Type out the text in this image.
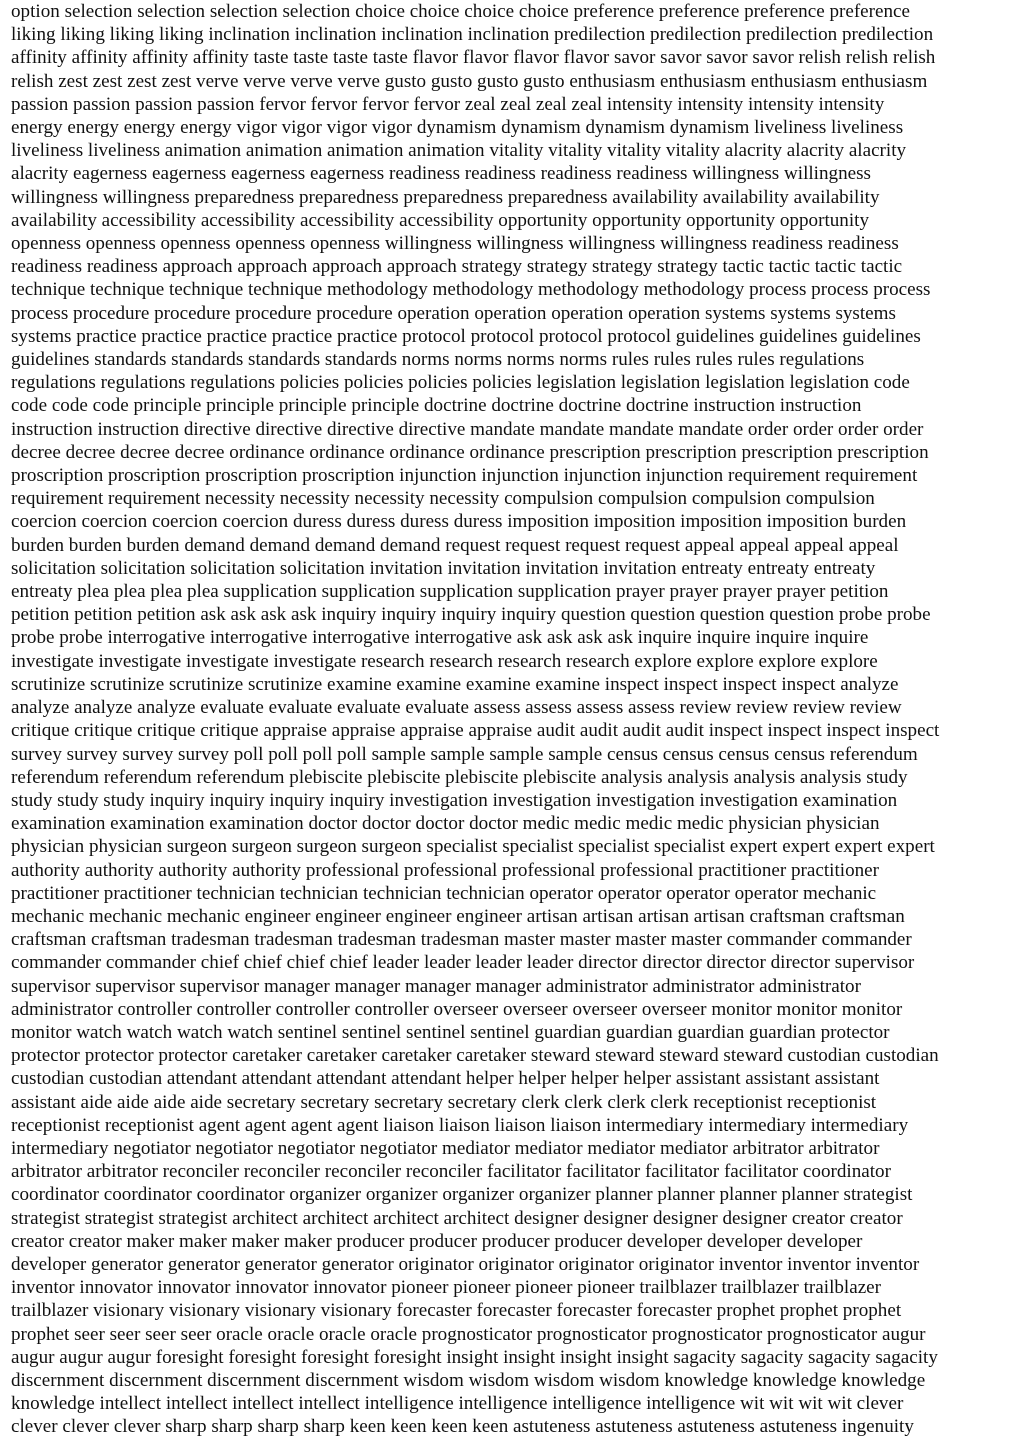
option selection selection selection selection choice choice choice choice preference preference preference preference
liking liking liking liking inclination inclination inclination inclination predilection predilection predilection predilection
affinity affinity affinity affinity taste taste taste taste flavor flavor flavor flavor savor savor savor savor relish relish relish
relish zest zest zest zest verve verve verve verve gusto gusto gusto gusto enthusiasm enthusiasm enthusiasm enthusiasm
passion passion passion passion fervor fervor fervor fervor zeal zeal zeal zeal intensity intensity intensity intensity
energy energy energy energy vigor vigor vigor vigor dynamism dynamism dynamism dynamism liveliness liveliness
liveliness liveliness animation animation animation animation vitality vitality vitality vitality alacrity alacrity alacrity
alacrity eagerness eagerness eagerness eagerness readiness readiness readiness readiness willingness willingness
willingness willingness preparedness preparedness preparedness preparedness availability availability availability
availability accessibility accessibility accessibility accessibility opportunity opportunity opportunity opportunity
openness openness openness openness openness willingness willingness willingness willingness readiness readiness
readiness readiness approach approach approach approach strategy strategy strategy strategy tactic tactic tactic tactic
technique technique technique technique methodology methodology methodology methodology process process process
process procedure procedure procedure procedure operation operation operation operation systems systems systems
systems practice practice practice practice practice protocol protocol protocol protocol guidelines guidelines guidelines
guidelines standards standards standards standards norms norms norms norms rules rules rules rules regulations
regulations regulations regulations policies policies policies policies legislation legislation legislation legislation code
code code code principle principle principle principle doctrine doctrine doctrine doctrine instruction instruction
instruction instruction directive directive directive directive mandate mandate mandate mandate order order order order
decree decree decree decree ordinance ordinance ordinance ordinance prescription prescription prescription prescription
proscription proscription proscription proscription injunction injunction injunction injunction requirement requirement
requirement requirement necessity necessity necessity necessity compulsion compulsion compulsion compulsion
coercion coercion coercion coercion duress duress duress duress imposition imposition imposition imposition burden
burden burden burden demand demand demand demand request request request request appeal appeal appeal appeal
solicitation solicitation solicitation solicitation invitation invitation invitation invitation entreaty entreaty entreaty
entreaty plea plea plea plea supplication supplication supplication supplication prayer prayer prayer prayer petition
petition petition petition ask ask ask ask inquiry inquiry inquiry inquiry question question question question probe probe
probe probe interrogative interrogative interrogative interrogative ask ask ask ask inquire inquire inquire inquire
investigate investigate investigate investigate research research research research explore explore explore explore
scrutinize scrutinize scrutinize scrutinize examine examine examine examine inspect inspect inspect inspect analyze
analyze analyze analyze evaluate evaluate evaluate evaluate assess assess assess assess review review review review
critique critique critique critique appraise appraise appraise appraise audit audit audit audit inspect inspect inspect inspect
survey survey survey survey poll poll poll poll sample sample sample sample census census census census referendum
referendum referendum referendum plebiscite plebiscite plebiscite plebiscite analysis analysis analysis analysis study
study study study inquiry inquiry inquiry inquiry investigation investigation investigation investigation examination
examination examination examination doctor doctor doctor doctor medic medic medic medic physician physician
physician physician surgeon surgeon surgeon surgeon specialist specialist specialist specialist expert expert expert expert
authority authority authority authority professional professional professional professional practitioner practitioner
practitioner practitioner technician technician technician technician operator operator operator operator mechanic
mechanic mechanic mechanic engineer engineer engineer engineer artisan artisan artisan artisan craftsman craftsman
craftsman craftsman tradesman tradesman tradesman tradesman master master master master commander commander
commander commander chief chief chief chief leader leader leader leader director director director director supervisor
supervisor supervisor supervisor manager manager manager manager administrator administrator administrator
administrator controller controller controller controller overseer overseer overseer overseer monitor monitor monitor
monitor watch watch watch watch sentinel sentinel sentinel sentinel guardian guardian guardian guardian protector
protector protector protector caretaker caretaker caretaker caretaker steward steward steward steward custodian custodian
custodian custodian attendant attendant attendant attendant helper helper helper helper assistant assistant assistant
assistant aide aide aide aide secretary secretary secretary secretary clerk clerk clerk clerk receptionist receptionist
receptionist receptionist agent agent agent agent liaison liaison liaison liaison intermediary intermediary intermediary
intermediary negotiator negotiator negotiator negotiator mediator mediator mediator mediator arbitrator arbitrator
arbitrator arbitrator reconciler reconciler reconciler reconciler facilitator facilitator facilitator facilitator coordinator
coordinator coordinator coordinator organizer organizer organizer organizer planner planner planner planner strategist
strategist strategist strategist architect architect architect architect designer designer designer designer creator creator
creator creator maker maker maker maker producer producer producer producer developer developer developer
developer generator generator generator generator originator originator originator originator inventor inventor inventor
inventor innovator innovator innovator innovator pioneer pioneer pioneer pioneer trailblazer trailblazer trailblazer
trailblazer visionary visionary visionary visionary forecaster forecaster forecaster forecaster prophet prophet prophet
prophet seer seer seer seer oracle oracle oracle oracle prognosticator prognosticator prognosticator prognosticator augur
augur augur augur foresight foresight foresight foresight insight insight insight insight sagacity sagacity sagacity sagacity
discernment discernment discernment discernment wisdom wisdom wisdom wisdom knowledge knowledge knowledge
knowledge intellect intellect intellect intellect intelligence intelligence intelligence intelligence wit wit wit wit clever
clever clever clever sharp sharp sharp sharp keen keen keen keen astuteness astuteness astuteness astuteness ingenuity
